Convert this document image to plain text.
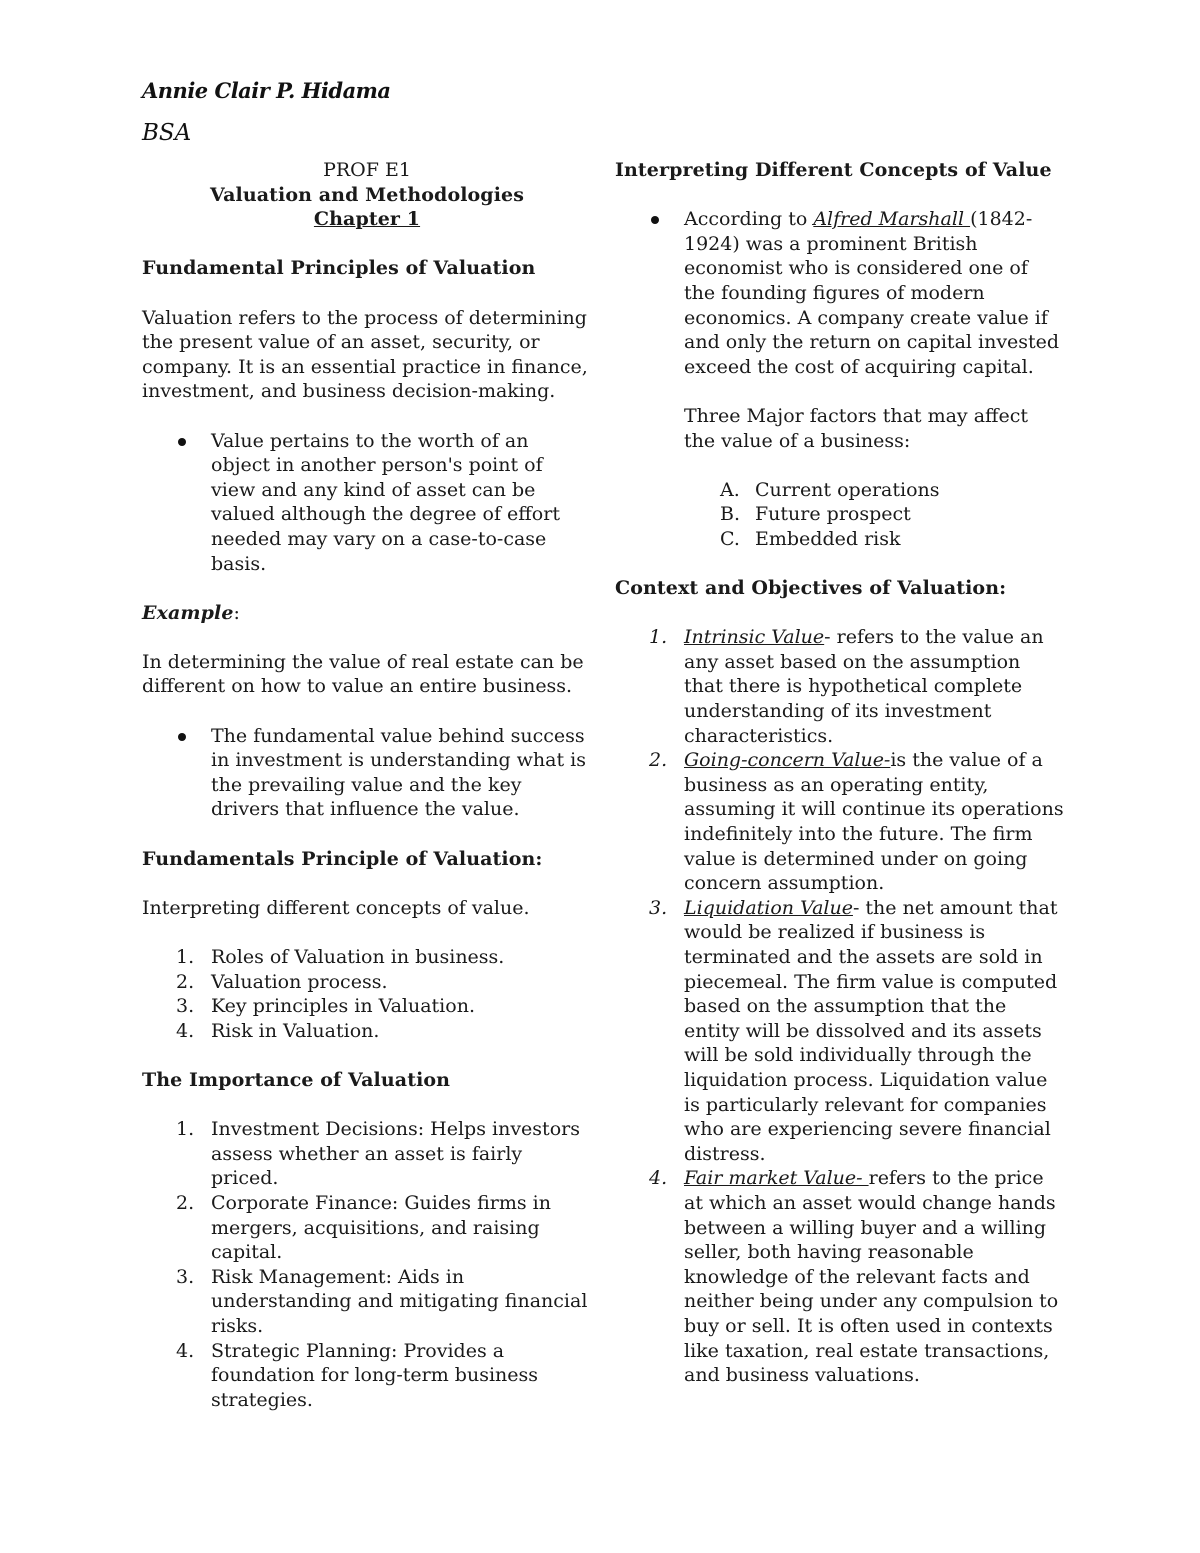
Annie Clair P. Hidama
BSA

PROF E1

Valuation and Methodologies

Chapter 1

Fundamental Principles of Valuation

Valuation refers to the process of determining the present value of an asset, security, or company. It is an essential practice in finance, investment, and business decision-making.

Value pertains to the worth of an object in another person's point of view and any kind of asset can be valued although the degree of effort needed may vary on a case-to-case basis.

Example:

In determining the value of real estate can be different on how to value an entire business.

The fundamental value behind success in investment is understanding what is the prevailing value and the key drivers that influence the value.

Fundamentals Principle of Valuation:

Interpreting different concepts of value.

1. Roles of Valuation in business.
2. Valuation process.
3. Key principles in Valuation.
4. Risk in Valuation.

The Importance of Valuation

1. Investment Decisions: Helps investors assess whether an asset is fairly priced.
2. Corporate Finance: Guides firms in mergers, acquisitions, and raising capital.
3. Risk Management: Aids in understanding and mitigating financial risks.
4. Strategic Planning: Provides a foundation for long-term business strategies.

Interpreting Different Concepts of Value

According to Alfred Marshall (1842-1924) was a prominent British economist who is considered one of the founding figures of modern economics. A company create value if and only the return on capital invested exceed the cost of acquiring capital.

Three Major factors that may affect the value of a business:

A. Current operations
B. Future prospect
C. Embedded risk

Context and Objectives of Valuation:

1. Intrinsic Value- refers to the value an any asset based on the assumption that there is hypothetical complete understanding of its investment characteristics.
2. Going-concern Value-is the value of a business as an operating entity, assuming it will continue its operations indefinitely into the future. The firm value is determined under on going concern assumption.
3. Liquidation Value- the net amount that would be realized if business is terminated and the assets are sold in piecemeal. The firm value is computed based on the assumption that the entity will be dissolved and its assets will be sold individually through the liquidation process. Liquidation value is particularly relevant for companies who are experiencing severe financial distress.
4. Fair market Value- refers to the price at which an asset would change hands between a willing buyer and a willing seller, both having reasonable knowledge of the relevant facts and neither being under any compulsion to buy or sell. It is often used in contexts like taxation, real estate transactions, and business valuations.
